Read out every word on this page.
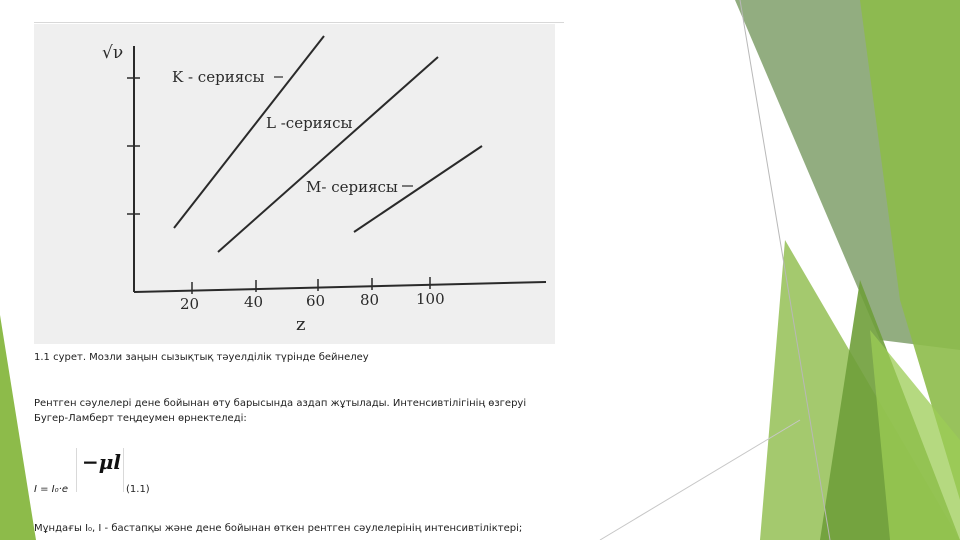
√ν
K - сериясы
L -сериясы
M- сериясы
20	40	60 80 100
z
1.1 сурет. Мозли заңын сызықтық тәуелділік түрінде бейнелеу
Рентген сәулелері дене бойынан өту барысында аздап жұтылады. Интенсивтілігінің өзгеруі
Бугер-Ламберт теңдеумен өрнектеледі:
−μl
I = I₀·e	(1.1)
Мұндағы I₀, I - бастапқы және дене бойынан өткен рентген сәулелерінің интенсивтіліктері;
